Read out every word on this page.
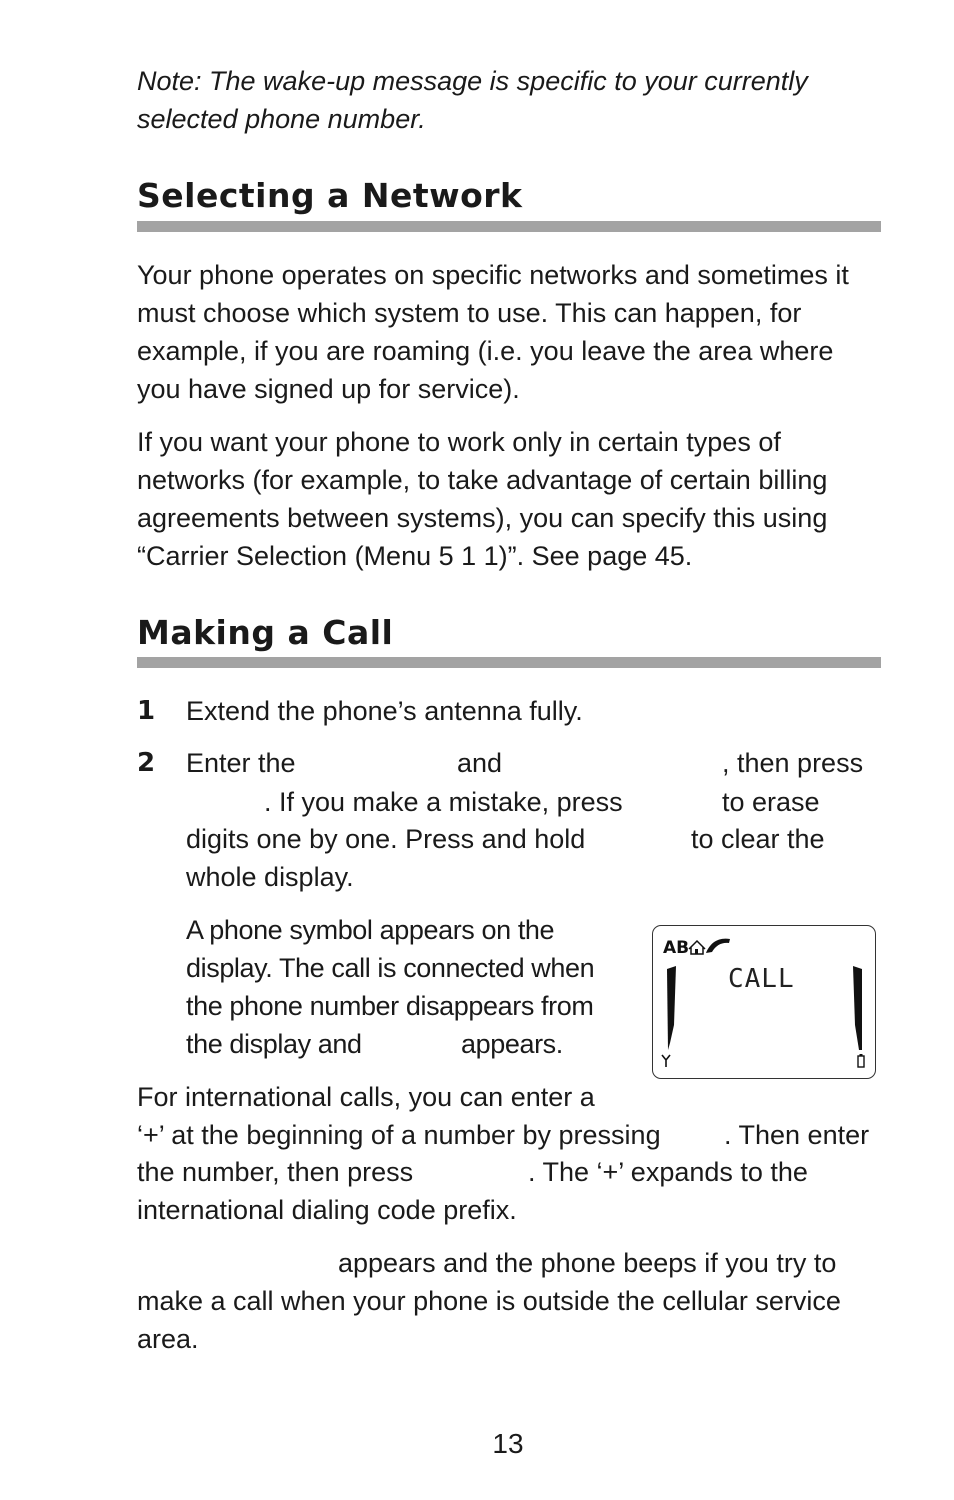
Note: The wake-up message is specific to your currently selected phone number.
Selecting a Network
Your phone operates on specific networks and sometimes it must choose which system to use. This can happen, for example, if you are roaming (i.e. you leave the area where you have signed up for service).
If you want your phone to work only in certain types of networks (for example, to take advantage of certain billing agreements between systems), you can specify this using “Carrier Selection (Menu 5 1 1)”. See page 45.
Making a Call
1 Extend the phone’s antenna fully.
2 Enter the	and	, then press
. If you make a mistake, press	to erase
digits one by one. Press and hold	to clear the
whole display.
A phone symbol appears on the
display. The call is connected when
the phone number disappears from
the display and	appears.
AB
CALL
For international calls, you can enter a
‘+’ at the beginning of a number by pressing . Then enter
the number, then press	. The ‘+’ expands to the
international dialing code prefix.
appears and the phone beeps if you try to
make a call when your phone is outside the cellular service
area.
13
